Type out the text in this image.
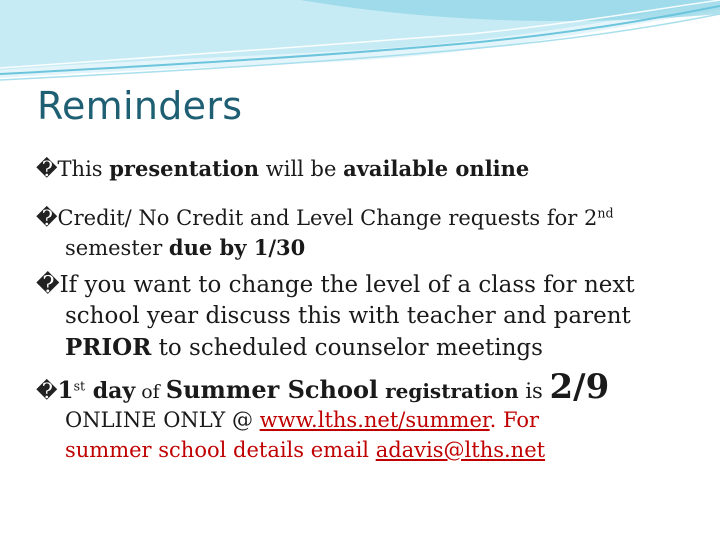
Reminders
�This presentation will be available online
�Credit/ No Credit and Level Change requests for 2nd
semester due by 1/30
�If you want to change the level of a class for next
school year discuss this with teacher and parent
PRIOR to scheduled counselor meetings
�1st day of Summer School registration is 2/9
ONLINE ONLY @ www.lths.net/summer. For
summer school details email adavis@lths.net
